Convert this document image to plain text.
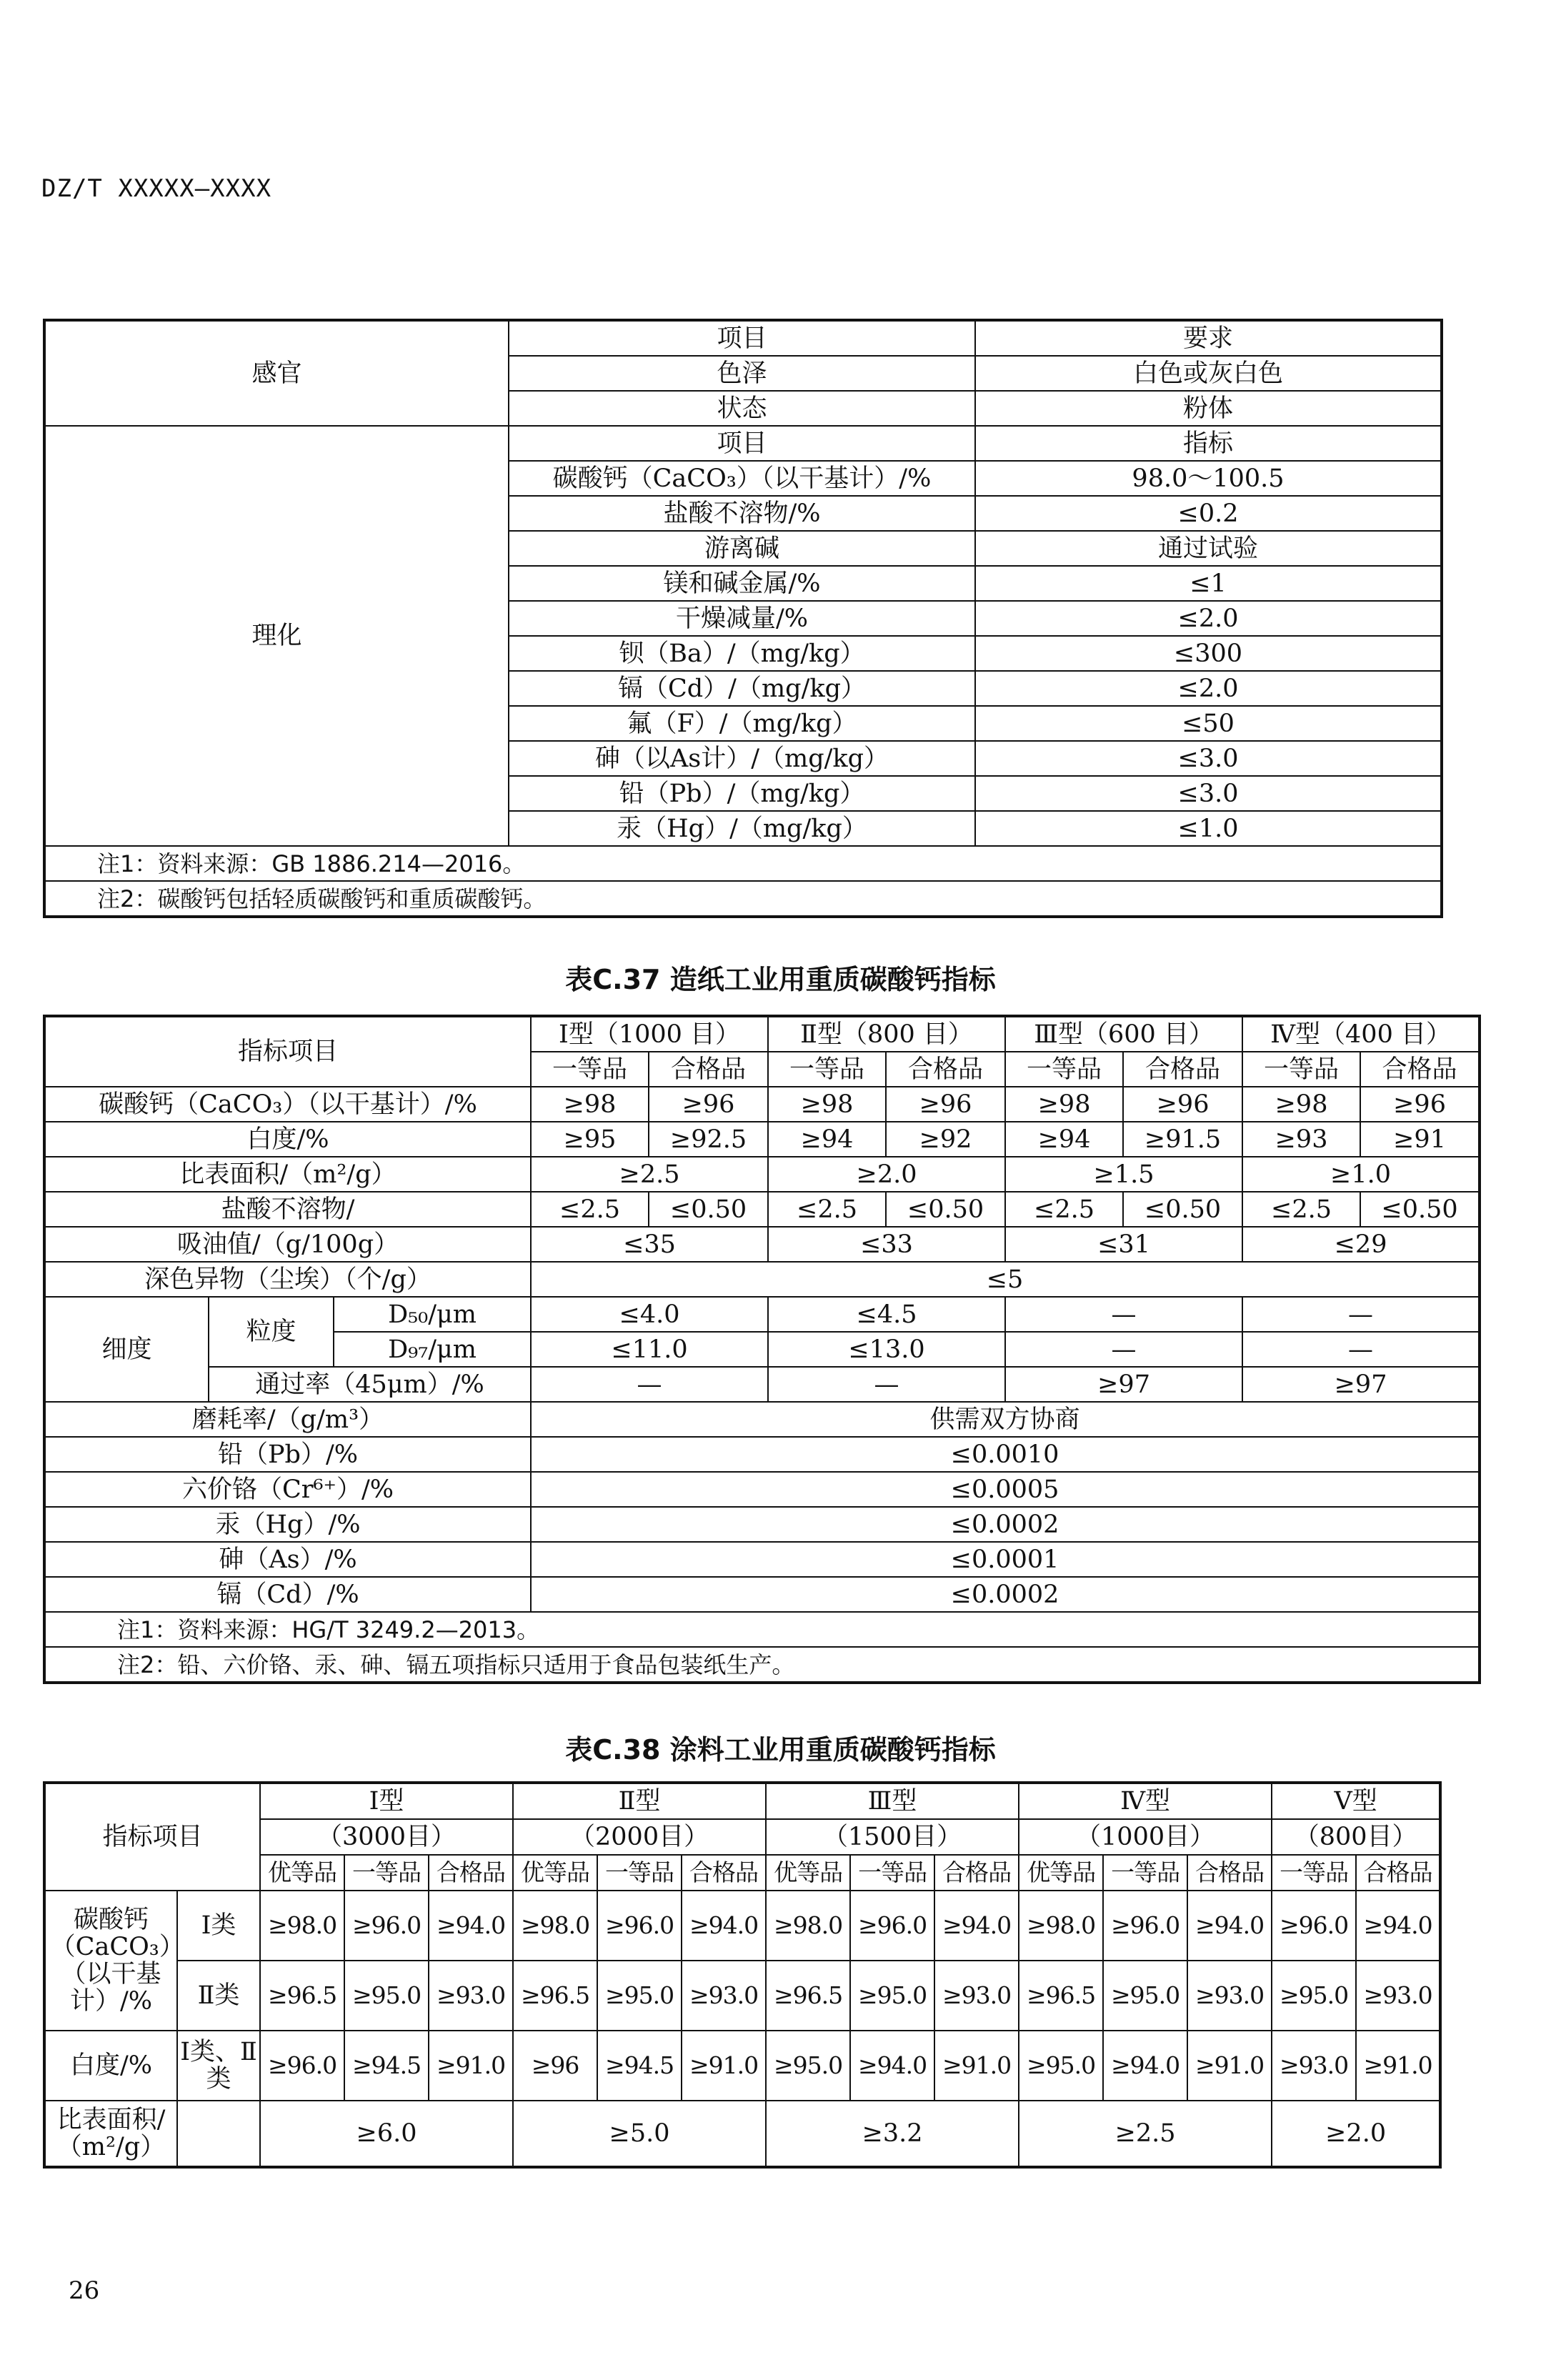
DZ/T XXXXX—XXXX
感官	项目	要求
	色泽	白色或灰白色
	状态	粉体
理化	项目	指标
	碳酸钙（CaCO₃）（以干基计）/%	98.0～100.5
	盐酸不溶物/%	≤0.2
	游离碱	通过试验
	镁和碱金属/%	≤1
	干燥减量/%	≤2.0
	钡（Ba）/（mg/kg）	≤300
	镉（Cd）/（mg/kg）	≤2.0
	氟（F）/（mg/kg）	≤50
	砷（以As计）/（mg/kg）	≤3.0
	铅（Pb）/（mg/kg）	≤3.0
	汞（Hg）/（mg/kg）	≤1.0
注1：资料来源：GB 1886.214—2016。		
注2：碳酸钙包括轻质碳酸钙和重质碳酸钙。		
表C.37 造纸工业用重质碳酸钙指标
指标项目			Ⅰ型（1000 目）		Ⅱ型（800 目）		Ⅲ型（600 目）		Ⅳ型（400 目）	
			一等品	合格品	一等品	合格品	一等品	合格品	一等品	合格品
碳酸钙（CaCO₃）（以干基计）/%			≥98	≥96	≥98	≥96	≥98	≥96	≥98	≥96
白度/%			≥95	≥92.5	≥94	≥92	≥94	≥91.5	≥93	≥91
比表面积/（m²/g）			≥2.5		≥2.0		≥1.5		≥1.0	
盐酸不溶物/			≤2.5	≤0.50	≤2.5	≤0.50	≤2.5	≤0.50	≤2.5	≤0.50
吸油值/（g/100g）			≤35		≤33		≤31		≤29	
深色异物（尘埃）（个/g）			≤5							
细度	粒度	D₅₀/μm	≤4.0		≤4.5		—		—	
		D₉₇/μm	≤11.0		≤13.0		—		—	
	通过率（45μm）/%		—		—		≥97		≥97	
磨耗率/（g/m³）			供需双方协商							
铅（Pb）/%			≤0.0010							
六价铬（Cr⁶⁺）/%			≤0.0005							
汞（Hg）/%			≤0.0002							
砷（As）/%			≤0.0001							
镉（Cd）/%			≤0.0002							
注1：资料来源：HG/T 3249.2—2013。										
注2：铅、六价铬、汞、砷、镉五项指标只适用于食品包装纸生产。										
表C.38 涂料工业用重质碳酸钙指标
指标项目		Ⅰ型			Ⅱ型			Ⅲ型			Ⅳ型			Ⅴ型	
		（3000目）			（2000目）			（1500目）			（1000目）			（800目）	
		优等品	一等品	合格品	优等品	一等品	合格品	优等品	一等品	合格品	优等品	一等品	合格品	一等品	合格品
碳酸钙（CaCO₃）（以干基计）/%	Ⅰ类	≥98.0	≥96.0	≥94.0	≥98.0	≥96.0	≥94.0	≥98.0	≥96.0	≥94.0	≥98.0	≥96.0	≥94.0	≥96.0	≥94.0
	Ⅱ类	≥96.5	≥95.0	≥93.0	≥96.5	≥95.0	≥93.0	≥96.5	≥95.0	≥93.0	≥96.5	≥95.0	≥93.0	≥95.0	≥93.0
白度/%	Ⅰ类、Ⅱ类	≥96.0	≥94.5	≥91.0	≥96	≥94.5	≥91.0	≥95.0	≥94.0	≥91.0	≥95.0	≥94.0	≥91.0	≥93.0	≥91.0
比表面积/（m²/g）		≥6.0			≥5.0			≥3.2			≥2.5			≥2.0	
26
